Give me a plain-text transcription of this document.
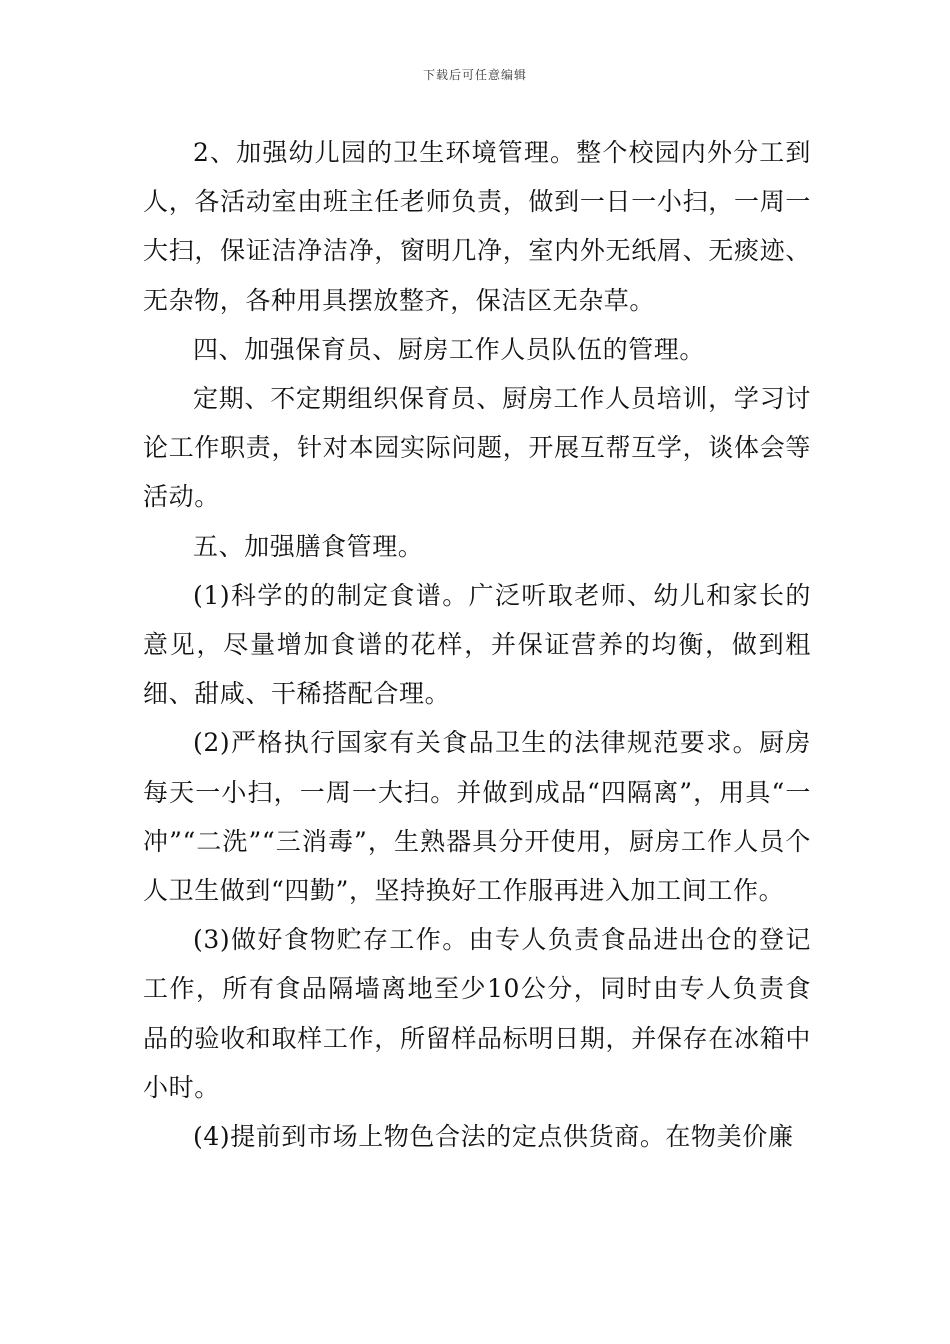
下载后可任意编辑

2、加强幼儿园的卫生环境管理。整个校园内外分工到人，各活动室由班主任老师负责，做到一日一小扫，一周一大扫，保证洁净洁净，窗明几净，室内外无纸屑、无痰迹、无杂物，各种用具摆放整齐，保洁区无杂草。

四、加强保育员、厨房工作人员队伍的管理。

定期、不定期组织保育员、厨房工作人员培训，学习讨论工作职责，针对本园实际问题，开展互帮互学，谈体会等活动。

五、加强膳食管理。

(1)科学的的制定食谱。广泛听取老师、幼儿和家长的意见，尽量增加食谱的花样，并保证营养的均衡，做到粗细、甜咸、干稀搭配合理。

(2)严格执行国家有关食品卫生的法律规范要求。厨房每天一小扫，一周一大扫。并做到成品“四隔离”，用具“一冲”“二洗”“三消毒”，生熟器具分开使用，厨房工作人员个人卫生做到“四勤”，坚持换好工作服再进入加工间工作。

(3)做好食物贮存工作。由专人负责食品进出仓的登记工作，所有食品隔墙离地至少10公分，同时由专人负责食品的验收和取样工作，所留样品标明日期，并保存在冰箱中小时。

(4)提前到市场上物色合法的定点供货商。在物美价廉
